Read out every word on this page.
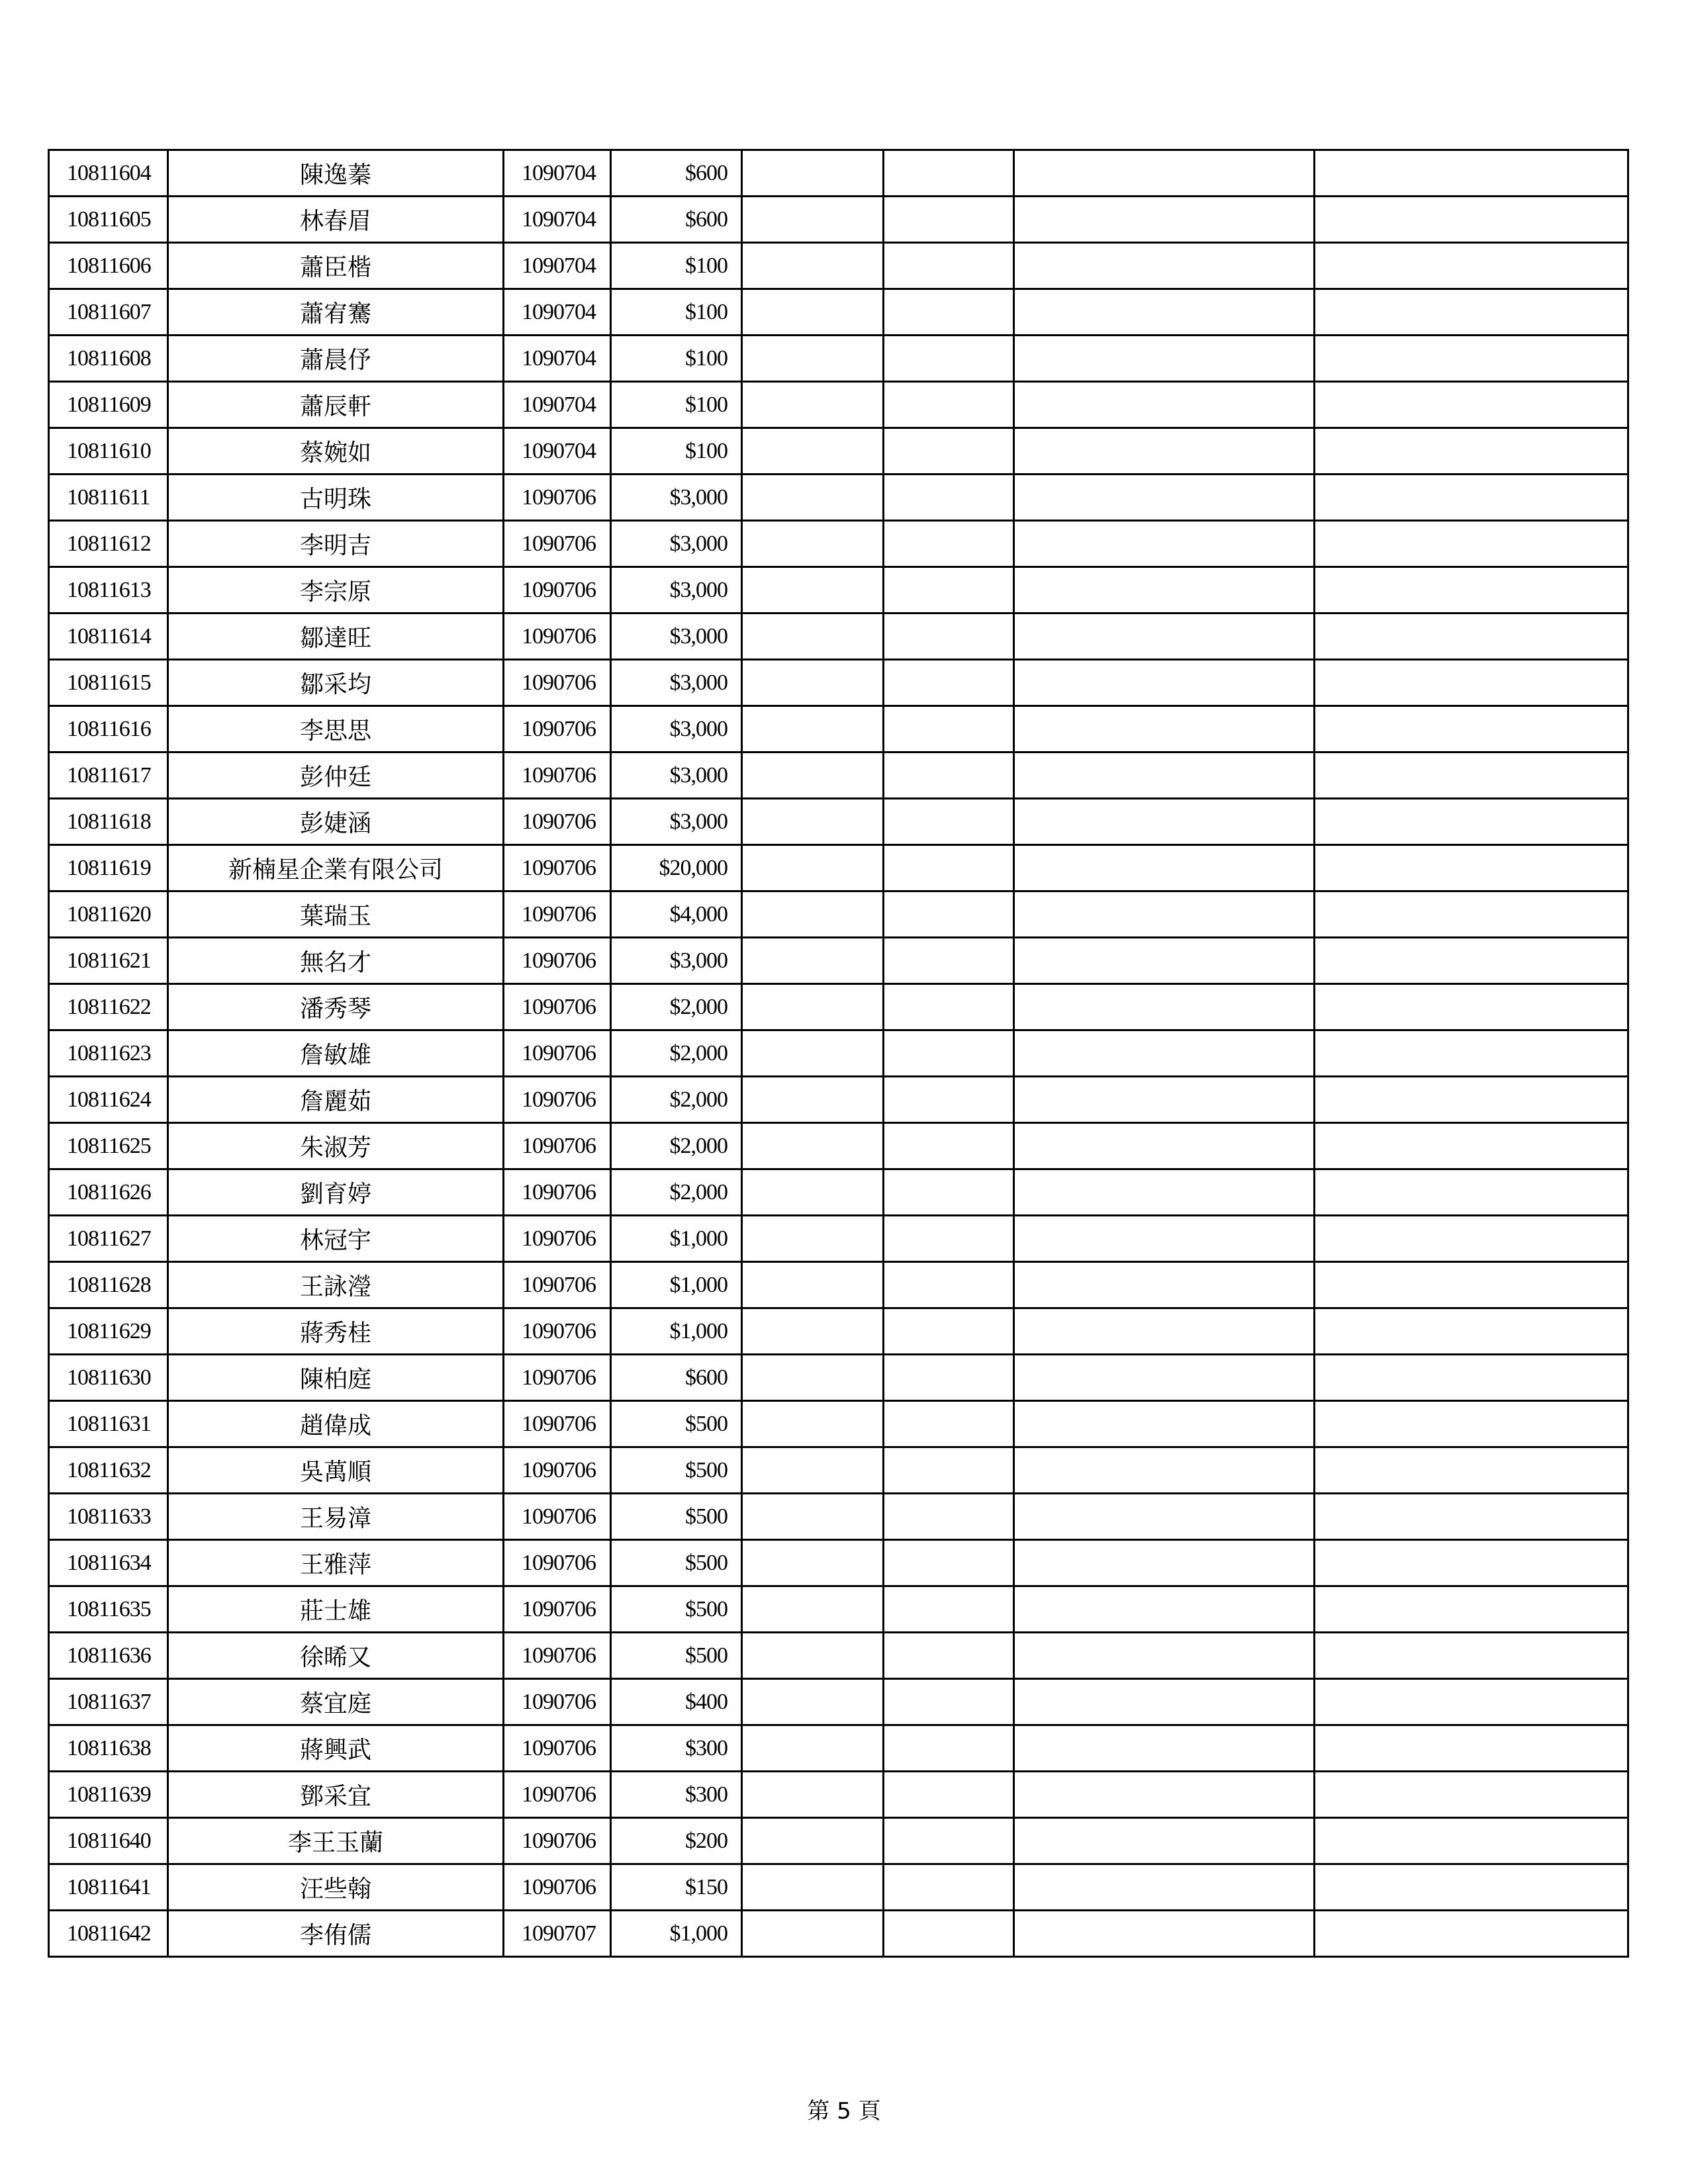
10811604	陳逸蓁	1090704	$600				
10811605	林春眉	1090704	$600				
10811606	蕭臣楷	1090704	$100				
10811607	蕭宥騫	1090704	$100				
10811608	蕭晨伃	1090704	$100				
10811609	蕭辰軒	1090704	$100				
10811610	蔡婉如	1090704	$100				
10811611	古明珠	1090706	$3,000				
10811612	李明吉	1090706	$3,000				
10811613	李宗原	1090706	$3,000				
10811614	鄒達旺	1090706	$3,000				
10811615	鄒采均	1090706	$3,000				
10811616	李思思	1090706	$3,000				
10811617	彭仲廷	1090706	$3,000				
10811618	彭婕涵	1090706	$3,000				
10811619	新楠星企業有限公司	1090706	$20,000				
10811620	葉瑞玉	1090706	$4,000				
10811621	無名才	1090706	$3,000				
10811622	潘秀琴	1090706	$2,000				
10811623	詹敏雄	1090706	$2,000				
10811624	詹麗茹	1090706	$2,000				
10811625	朱淑芳	1090706	$2,000				
10811626	劉育婷	1090706	$2,000				
10811627	林冠宇	1090706	$1,000				
10811628	王詠瀅	1090706	$1,000				
10811629	蔣秀桂	1090706	$1,000				
10811630	陳柏庭	1090706	$600				
10811631	趙偉成	1090706	$500				
10811632	吳萬順	1090706	$500				
10811633	王易漳	1090706	$500				
10811634	王雅萍	1090706	$500				
10811635	莊士雄	1090706	$500				
10811636	徐晞又	1090706	$500				
10811637	蔡宜庭	1090706	$400				
10811638	蔣興武	1090706	$300				
10811639	鄧采宜	1090706	$300				
10811640	李王玉蘭	1090706	$200				
10811641	汪些翰	1090706	$150				
10811642	李侑儒	1090707	$1,000				
第 5 頁
